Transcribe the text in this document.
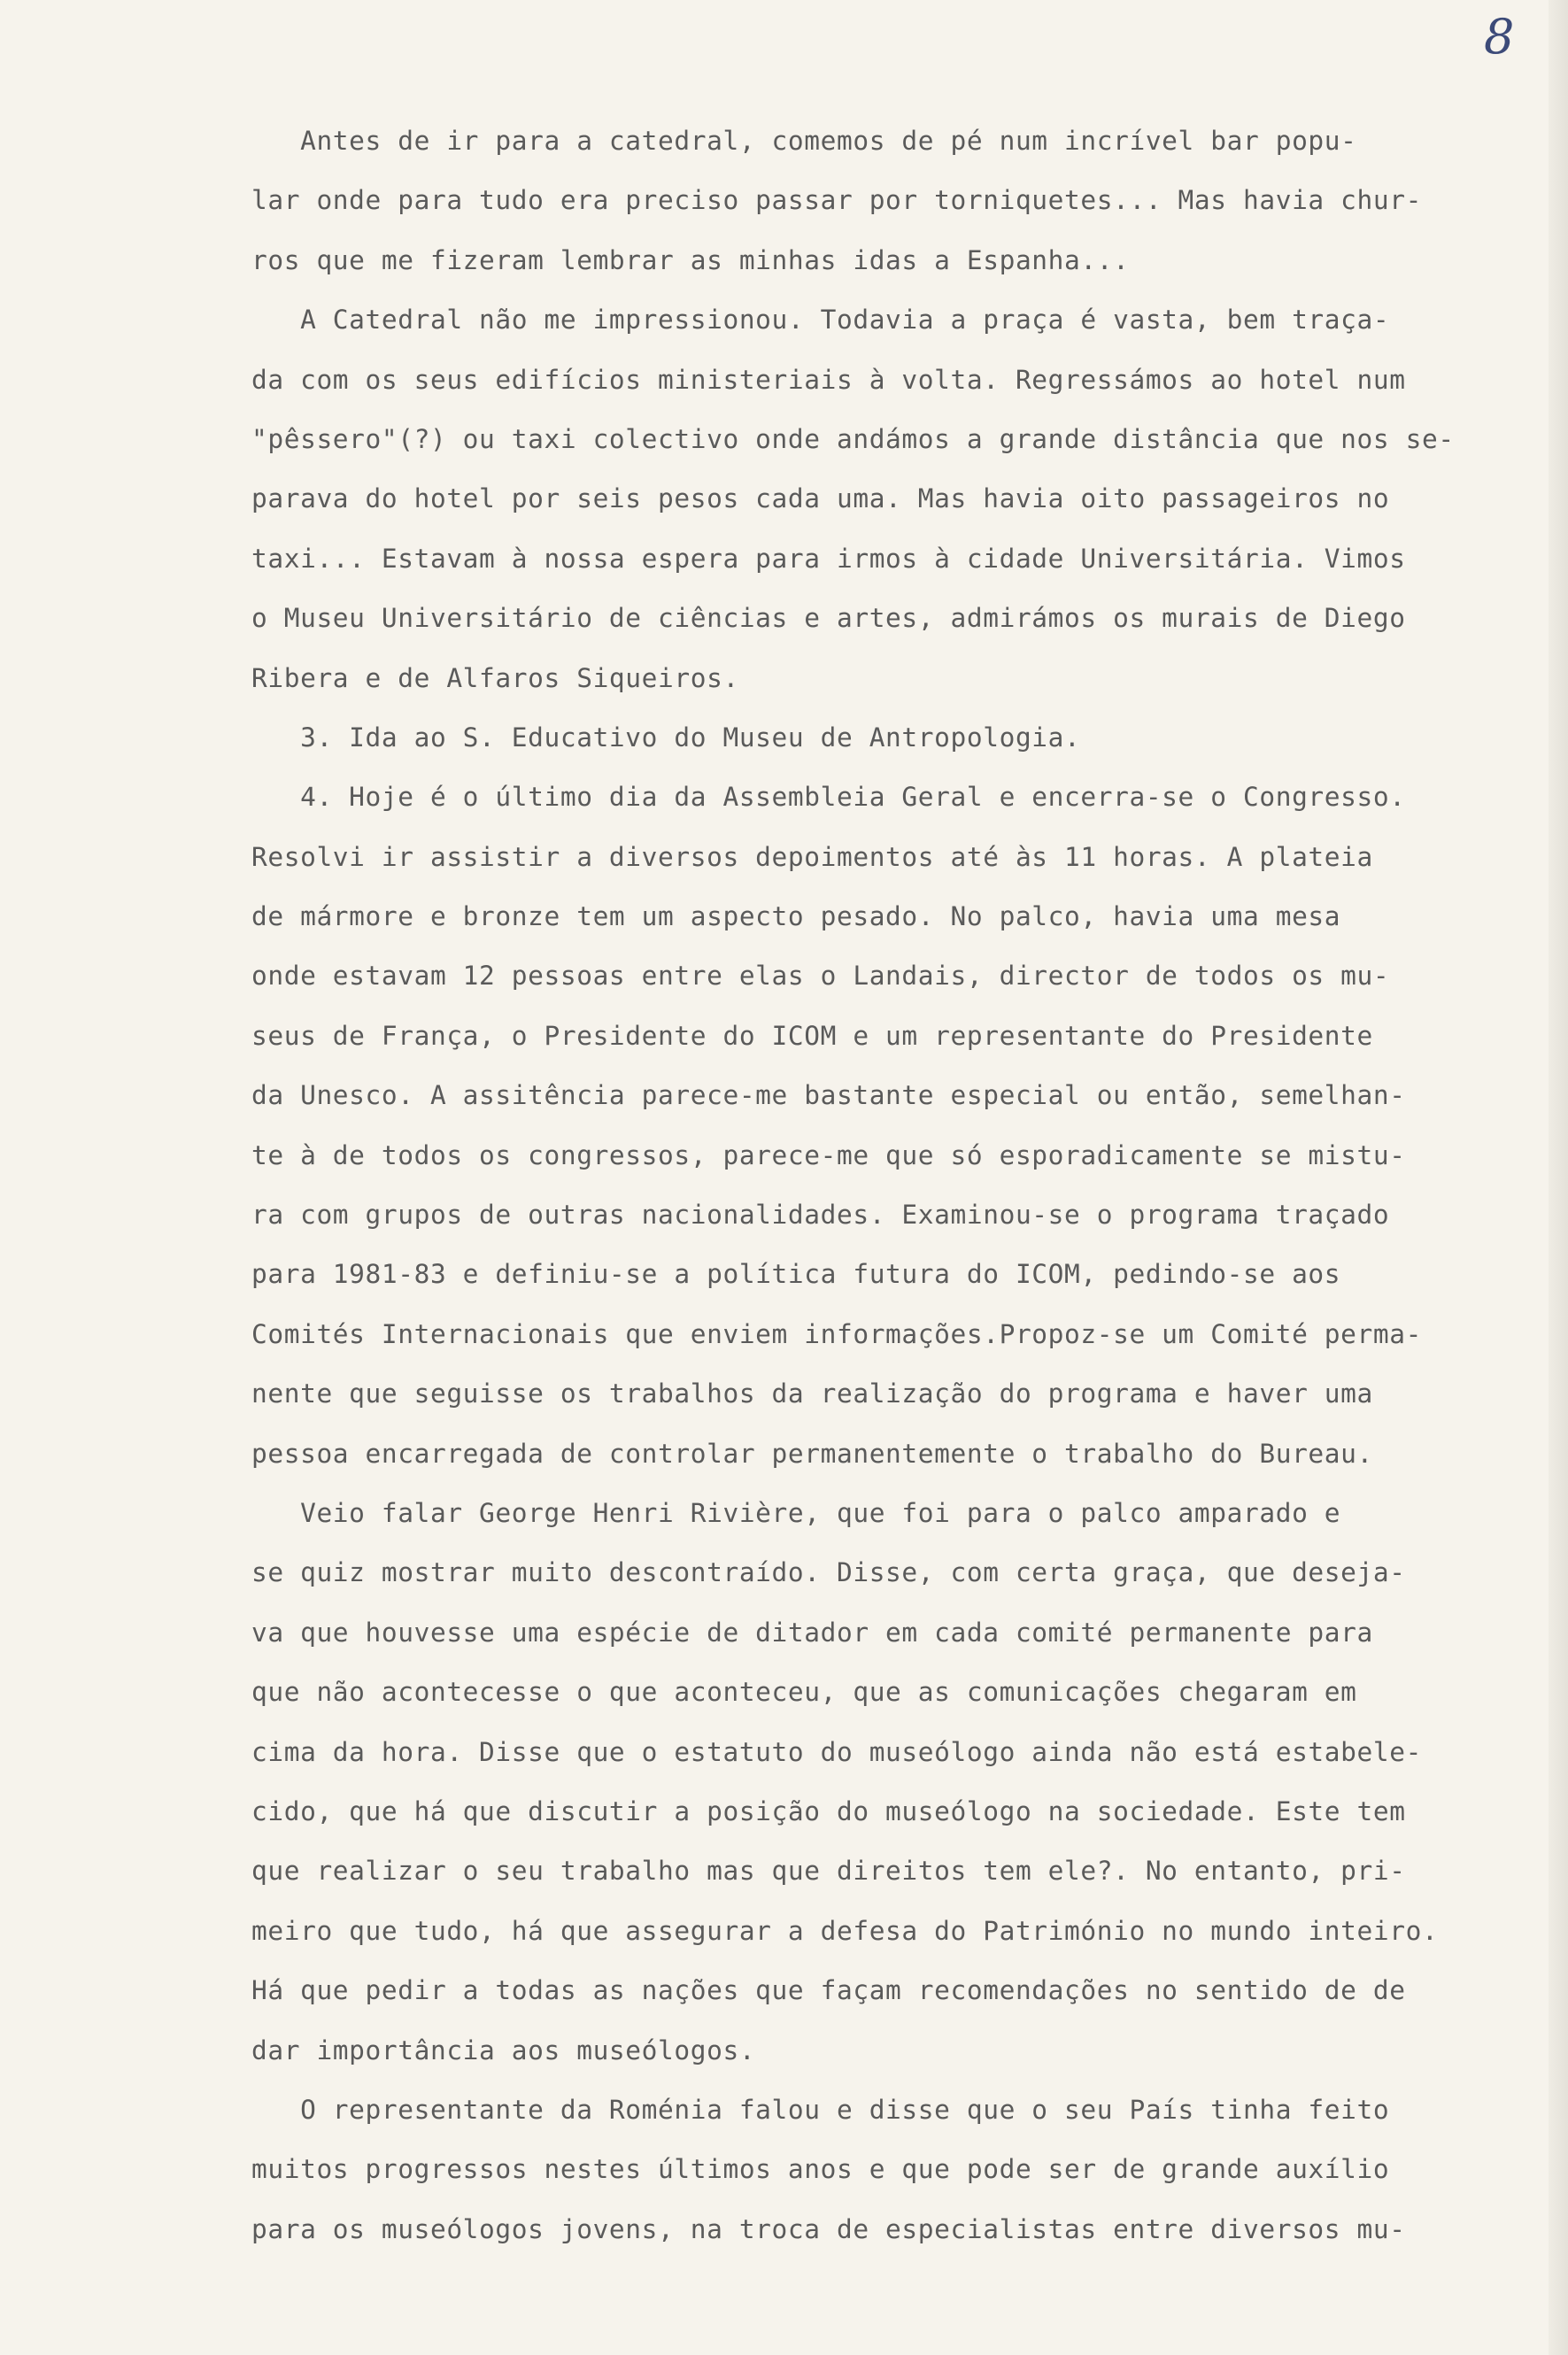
8
Antes de ir para a catedral, comemos de pé num incrível bar popu-
lar onde para tudo era preciso passar por torniquetes... Mas havia chur-
ros que me fizeram lembrar as minhas idas a Espanha...
A Catedral não me impressionou. Todavia a praça é vasta, bem traça-
da com os seus edifícios ministeriais à volta. Regressámos ao hotel num
"pêssero"(?) ou taxi colectivo onde andámos a grande distância que nos se-
parava do hotel por seis pesos cada uma. Mas havia oito passageiros no
taxi... Estavam à nossa espera para irmos à cidade Universitária. Vimos
o Museu Universitário de ciências e artes, admirámos os murais de Diego
Ribera e de Alfaros Siqueiros.
3. Ida ao S. Educativo do Museu de Antropologia.
4. Hoje é o último dia da Assembleia Geral e encerra-se o Congresso.
Resolvi ir assistir a diversos depoimentos até às 11 horas. A plateia
de mármore e bronze tem um aspecto pesado. No palco, havia uma mesa
onde estavam 12 pessoas entre elas o Landais, director de todos os mu-
seus de França, o Presidente do ICOM e um representante do Presidente
da Unesco. A assitência parece-me bastante especial ou então, semelhan-
te à de todos os congressos, parece-me que só esporadicamente se mistu-
ra com grupos de outras nacionalidades. Examinou-se o programa traçado
para 1981-83 e definiu-se a política futura do ICOM, pedindo-se aos
Comités Internacionais que enviem informações.Propoz-se um Comité perma-
nente que seguisse os trabalhos da realização do programa e haver uma
pessoa encarregada de controlar permanentemente o trabalho do Bureau.
Veio falar George Henri Rivière, que foi para o palco amparado e
se quiz mostrar muito descontraído. Disse, com certa graça, que deseja-
va que houvesse uma espécie de ditador em cada comité permanente para
que não acontecesse o que aconteceu, que as comunicações chegaram em
cima da hora. Disse que o estatuto do museólogo ainda não está estabele-
cido, que há que discutir a posição do museólogo na sociedade. Este tem
que realizar o seu trabalho mas que direitos tem ele?. No entanto, pri-
meiro que tudo, há que assegurar a defesa do Património no mundo inteiro.
Há que pedir a todas as nações que façam recomendações no sentido de de
dar importância aos museólogos.
O representante da Roménia falou e disse que o seu País tinha feito
muitos progressos nestes últimos anos e que pode ser de grande auxílio
para os museólogos jovens, na troca de especialistas entre diversos mu-
